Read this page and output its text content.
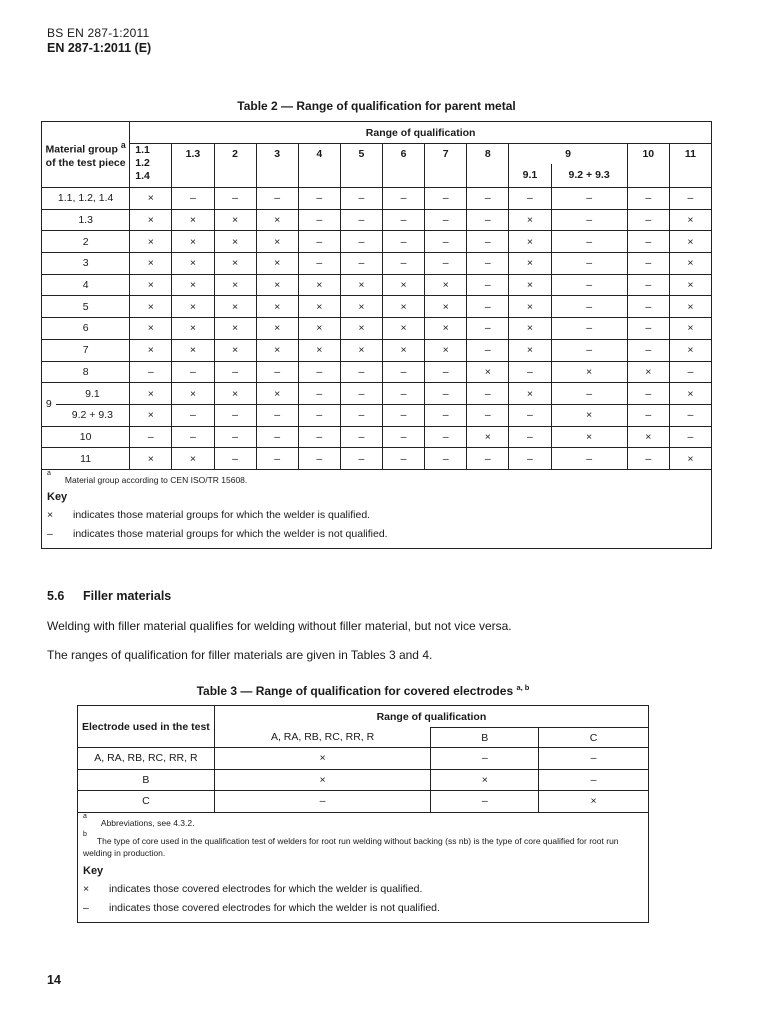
BS EN 287-1:2011
EN 287-1:2011 (E)
Table 2 — Range of qualification for parent metal
Material group $^a$ of the test piece		Range of qualification												

		1.1
1.2
1.4	1.3	2	3	4	5	6	7	8	9		10	11
											9.1	9.2 + 9.3		
1.1, 1.2, 1.4		×	–	–	–	–	–	–	–	–	–	–	–	–
1.3		×	×	×	×	–	–	–	–	–	×	–	–	×
2		×	×	×	×	–	–	–	–	–	×	–	–	×
3		×	×	×	×	–	–	–	–	–	×	–	–	×
4		×	×	×	×	×	×	×	×	–	×	–	–	×
5		×	×	×	×	×	×	×	×	–	×	–	–	×
6		×	×	×	×	×	×	×	×	–	×	–	–	×
7		×	×	×	×	×	×	×	×	–	×	–	–	×
8		–	–	–	–	–	–	–	–	×	–	×	×	–
9	9.1	×	×	×	×	–	–	–	–	–	×	–	–	×
	9.2 + 9.3	×	–	–	–	–	–	–	–	–	–	×	–	–
10		–	–	–	–	–	–	–	–	×	–	×	×	–
11		×	×	–	–	–	–	–	–	–	–	–	–	×

$^a$Material group according to CEN ISO/TR 15608.
Key
× indicates those material groups for which the welder is qualified.
– indicates those material groups for which the welder is not qualified.														
5.6 Filler materials
Welding with filler material qualifies for welding without filler material, but not vice versa.
The ranges of qualification for filler materials are given in Tables 3 and 4.
Table 3 — Range of qualification for covered electrodes $^{a, b}$
Electrode used in the test	Range of qualification		
	A, RA, RB, RC, RR, R	B	C
A, RA, RB, RC, RR, R	×	–	–
B	×	×	–
C	–	–	×

$^a$Abbreviations, see 4.3.2.
$^b$The type of core used in the qualification test of welders for root run welding without backing (ss nb) is the type of core qualified for root run welding in production.
Key
× indicates those covered electrodes for which the welder is qualified.
– indicates those covered electrodes for which the welder is not qualified.			
14
